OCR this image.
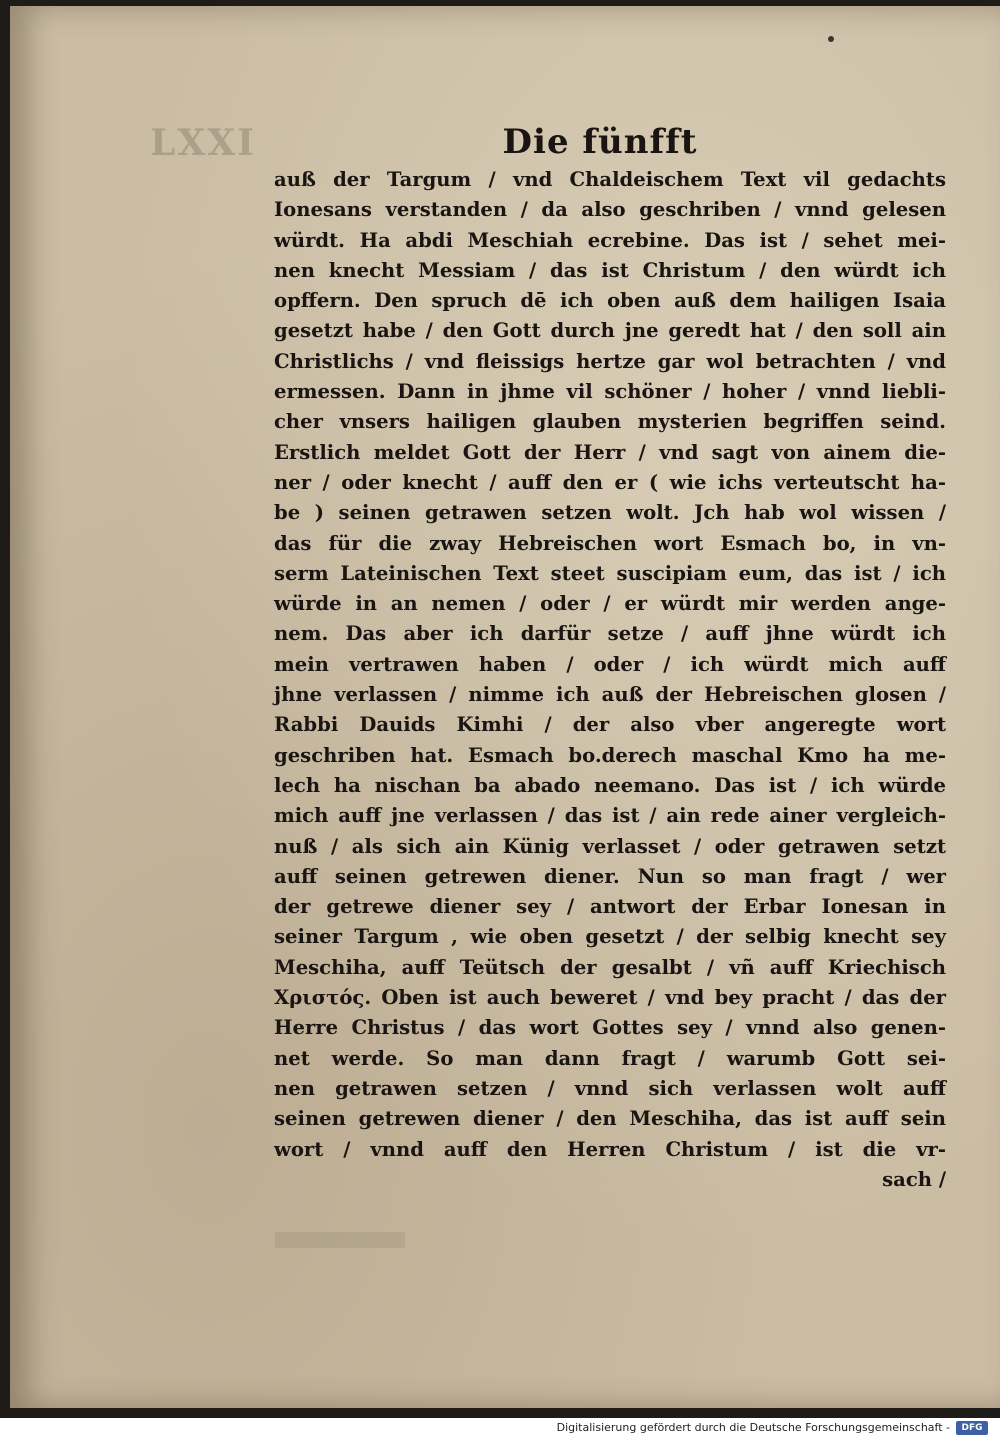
LXXI	Die fünfft
auß der Targum / vnd Chaldeischem Text vil gedachts
Ionesans verstanden / da also geschriben / vnnd gelesen
würdt. Ha abdi Meschiah ecrebine. Das ist / sehet mei-
nen knecht Messiam / das ist Christum / den würdt ich
opffern. Den spruch dē ich oben auß dem hailigen Isaia
gesetzt habe / den Gott durch jne geredt hat / den soll ain
Christlichs / vnd fleissigs hertze gar wol betrachten / vnd
ermessen. Dann in jhme vil schöner / hoher / vnnd liebli-
cher vnsers hailigen glauben mysterien begriffen seind.
Erstlich meldet Gott der Herr / vnd sagt von ainem die-
ner / oder knecht / auff den er ( wie ichs verteutscht ha-
be ) seinen getrawen setzen wolt. Jch hab wol wissen /
das für die zway Hebreischen wort Esmach bo, in vn-
serm Lateinischen Text steet suscipiam eum, das ist / ich
würde in an nemen / oder / er würdt mir werden ange-
nem. Das aber ich darfür setze / auff jhne würdt ich
mein vertrawen haben / oder / ich würdt mich auff
jhne verlassen / nimme ich auß der Hebreischen glosen /
Rabbi Dauids Kimhi / der also vber angeregte wort
geschriben hat. Esmach bo.derech maschal Kmo ha me-
lech ha nischan ba abado neemano. Das ist / ich würde
mich auff jne verlassen / das ist / ain rede ainer vergleich-
nuß / als sich ain Künig verlasset / oder getrawen setzt
auff seinen getrewen diener. Nun so man fragt / wer
der getrewe diener sey / antwort der Erbar Ionesan in
seiner Targum , wie oben gesetzt / der selbig knecht sey
Meschiha, auff Teütsch der gesalbt / vñ auff Kriechisch
Χριστός. Oben ist auch beweret / vnd bey pracht / das der
Herre Christus / das wort Gottes sey / vnnd also genen-
net werde. So man dann fragt / warumb Gott sei-
nen getrawen setzen / vnnd sich verlassen wolt auff
seinen getrewen diener / den Meschiha, das ist auff sein
wort / vnnd auff den Herren Christum / ist die vr-
sach /
Digitalisierung gefördert durch die Deutsche Forschungsgemeinschaft -	DFG
